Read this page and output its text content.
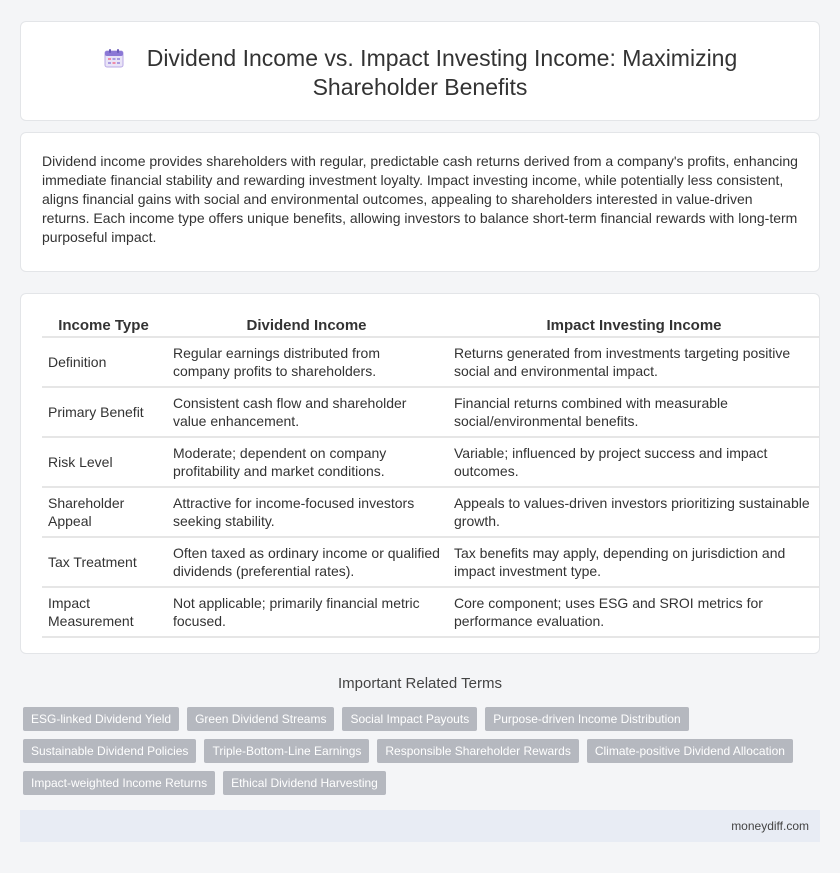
Dividend Income vs. Impact Investing Income: Maximizing
Shareholder Benefits

Dividend income provides shareholders with regular, predictable cash returns derived from a company's profits, enhancing immediate financial stability and rewarding investment loyalty. Impact investing income, while potentially less consistent, aligns financial gains with social and environmental outcomes, appealing to shareholders interested in value-driven returns. Each income type offers unique benefits, allowing investors to balance short-term financial rewards with long-term purposeful impact.

Income Type	Dividend Income	Impact Investing Income
Definition	Regular earnings distributed from company profits to shareholders.	Returns generated from investments targeting positive social and environmental impact.
Primary Benefit	Consistent cash flow and shareholder value enhancement.	Financial returns combined with measurable social/environmental benefits.
Risk Level	Moderate; dependent on company profitability and market conditions.	Variable; influenced by project success and impact outcomes.
Shareholder Appeal	Attractive for income-focused investors seeking stability.	Appeals to values-driven investors prioritizing sustainable growth.
Tax Treatment	Often taxed as ordinary income or qualified dividends (preferential rates).	Tax benefits may apply, depending on jurisdiction and impact investment type.
Impact Measurement	Not applicable; primarily financial metric focused.	Core component; uses ESG and SROI metrics for performance evaluation.
Important Related Terms
ESG-linked Dividend Yield	Green Dividend Streams	Social Impact Payouts	Purpose-driven Income Distribution
Sustainable Dividend Policies	Triple-Bottom-Line Earnings	Responsible Shareholder Rewards	Climate-positive Dividend Allocation
Impact-weighted Income Returns	Ethical Dividend Harvesting
moneydiff.com
